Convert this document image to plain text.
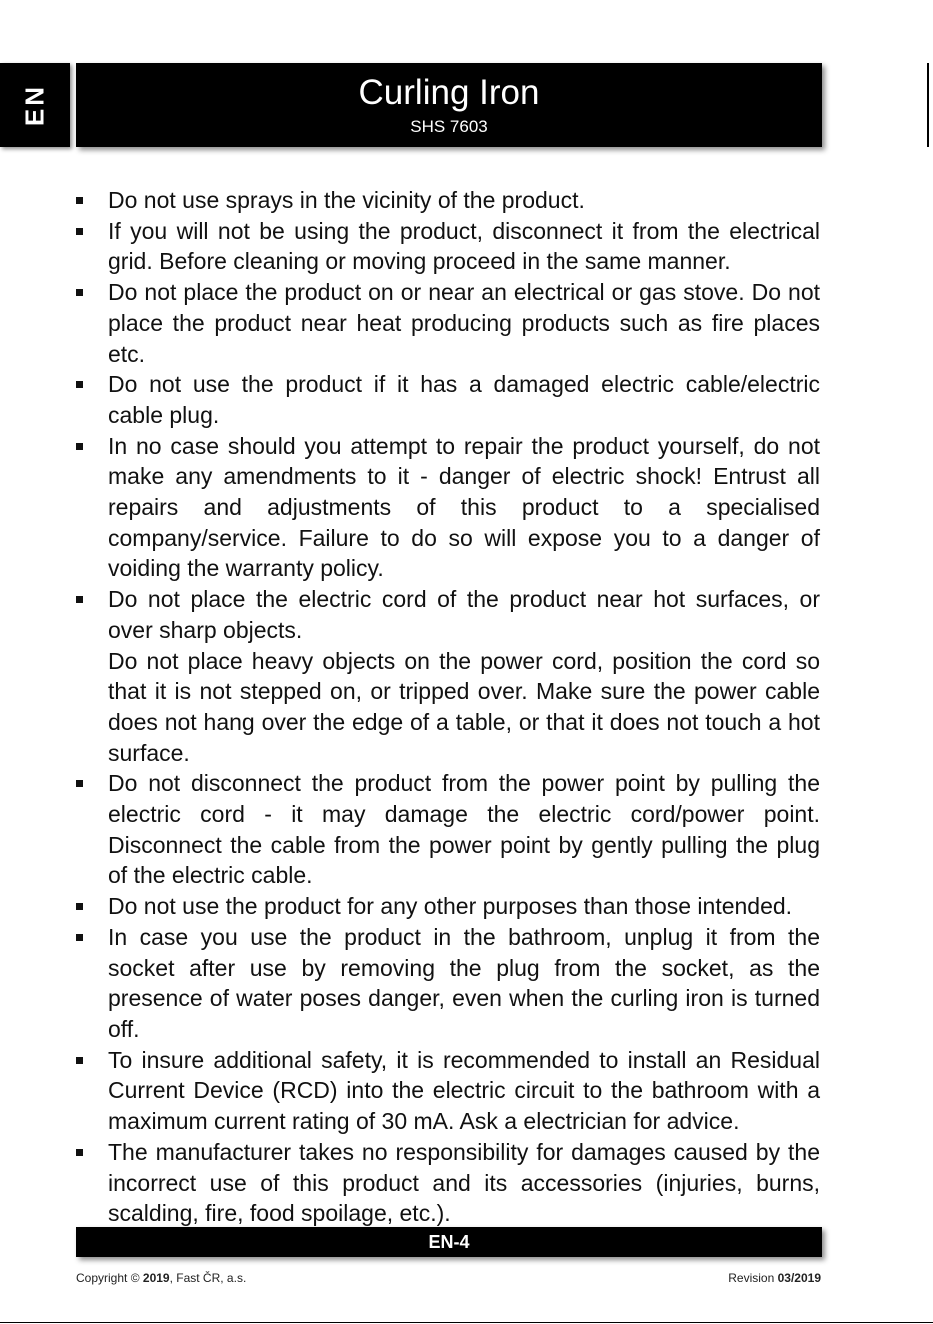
EN	Curling Iron
SHS 7603
Do not use sprays in the vicinity of the product.
If you will not be using the product, disconnect it from the electrical grid. Before cleaning or moving proceed in the same manner.
Do not place the product on or near an electrical or gas stove. Do not place the product near heat producing products such as fire places etc.
Do not use the product if it has a damaged electric cable/electric cable plug.
In no case should you attempt to repair the product yourself, do not make any amendments to it - danger of electric shock! Entrust all repairs and adjustments of this product to a specialised company/service. Failure to do so will expose you to a danger of voiding the warranty policy.
Do not place the electric cord of the product near hot surfaces, or over sharp objects.
Do not place heavy objects on the power cord, position the cord so that it is not stepped on, or tripped over. Make sure the power cable does not hang over the edge of a table, or that it does not touch a hot surface.
Do not disconnect the product from the power point by pulling the electric cord - it may damage the electric cord/power point. Disconnect the cable from the power point by gently pulling the plug of the electric cable.
Do not use the product for any other purposes than those intended.
In case you use the product in the bathroom, unplug it from the socket after use by removing the plug from the socket, as the presence of water poses danger, even when the curling iron is turned off.
To insure additional safety, it is recommended to install an Residual Current Device (RCD) into the electric circuit to the bathroom with a maximum current rating of 30 mA. Ask a electrician for advice.
The manufacturer takes no responsibility for damages caused by the incorrect use of this product and its accessories (injuries, burns, scalding, fire, food spoilage, etc.).
EN-4
Copyright © 2019, Fast ČR, a.s.	Revision 03/2019
